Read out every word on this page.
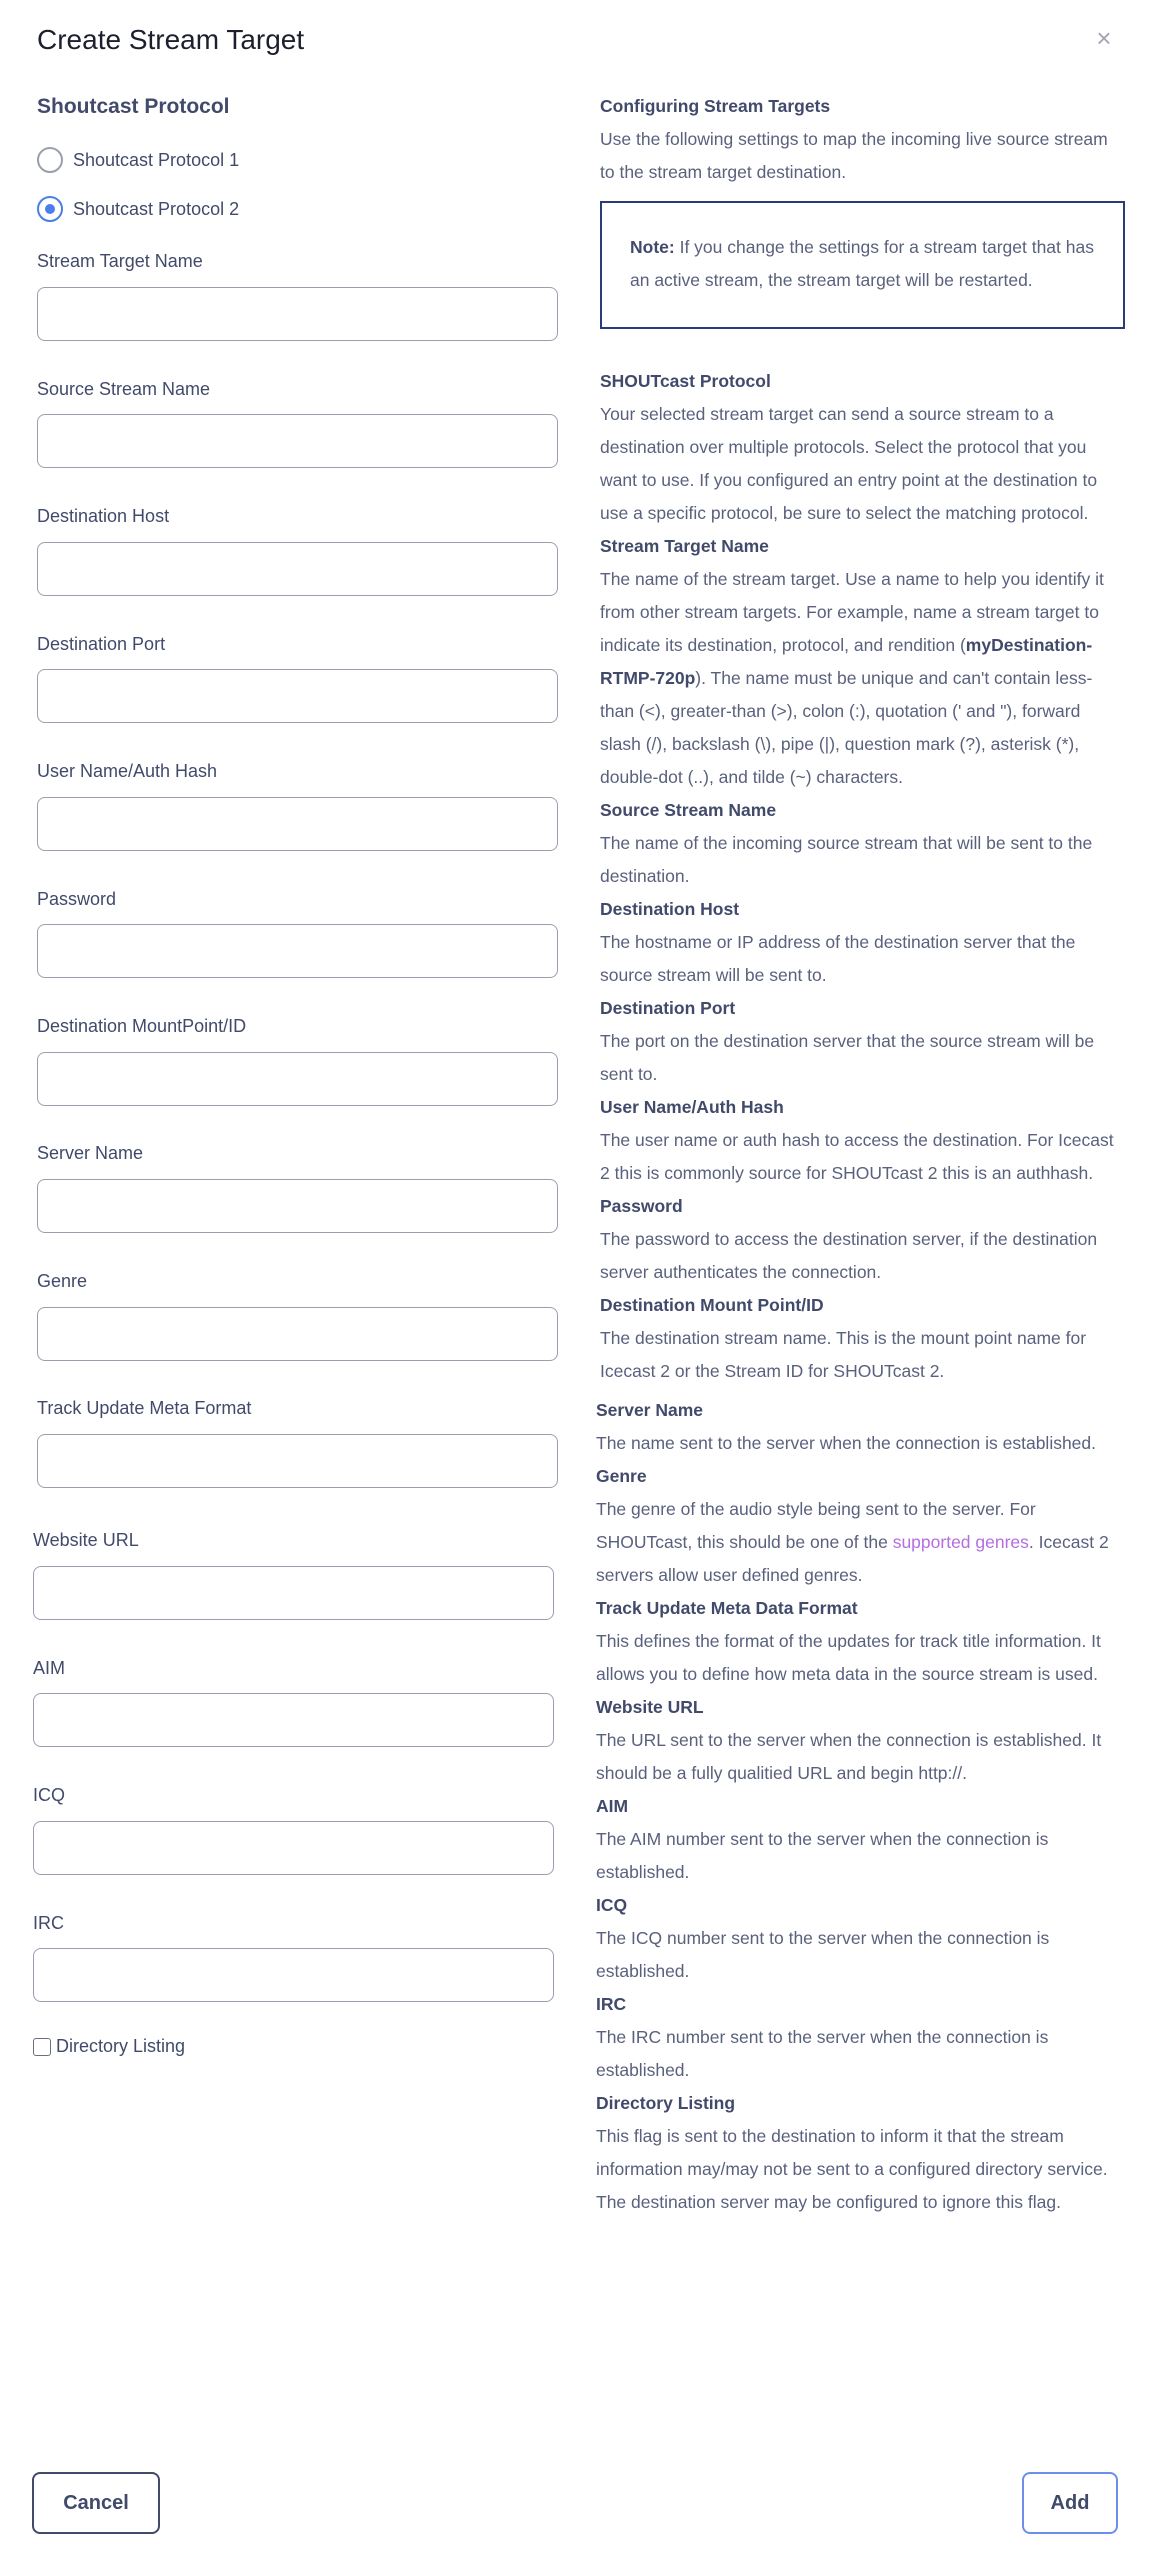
Create Stream Target	×
Shoutcast Protocol
Shoutcast Protocol 1
Shoutcast Protocol 2
Stream Target Name
Source Stream Name
Destination Host
Destination Port
User Name/Auth Hash
Password
Destination MountPoint/ID
Server Name
Genre
Track Update Meta Format
Website URL
AIM
ICQ
IRC
Directory Listing

Configuring Stream Targets

Use the following settings to map the incoming live source stream to the stream target destination.

Note: If you change the settings for a stream target that has an active stream, the stream target will be restarted.

SHOUTcast Protocol

Your selected stream target can send a source stream to a destination over multiple protocols. Select the protocol that you want to use. If you configured an entry point at the destination to use a specific protocol, be sure to select the matching protocol.

Stream Target Name

The name of the stream target. Use a name to help you identify it from other stream targets. For example, name a stream target to indicate its destination, protocol, and rendition (myDestination-RTMP-720p). The name must be unique and can't contain less-than (<), greater-than (>), colon (:), quotation (' and "), forward slash (/), backslash (\), pipe (|), question mark (?), asterisk (*), double-dot (..), and tilde (~) characters.

Source Stream Name

The name of the incoming source stream that will be sent to the destination.

Destination Host

The hostname or IP address of the destination server that the source stream will be sent to.

Destination Port

The port on the destination server that the source stream will be sent to.

User Name/Auth Hash

The user name or auth hash to access the destination. For Icecast 2 this is commonly source for SHOUTcast 2 this is an authhash.

Password

The password to access the destination server, if the destination server authenticates the connection.

Destination Mount Point/ID

The destination stream name. This is the mount point name for Icecast 2 or the Stream ID for SHOUTcast 2.

Server Name

The name sent to the server when the connection is established.

Genre

The genre of the audio style being sent to the server. For SHOUTcast, this should be one of the supported genres. Icecast 2 servers allow user defined genres.

Track Update Meta Data Format

This defines the format of the updates for track title information. It allows you to define how meta data in the source stream is used.

Website URL

The URL sent to the server when the connection is established. It should be a fully qualitied URL and begin http://.

AIM

The AIM number sent to the server when the connection is established.

ICQ

The ICQ number sent to the server when the connection is established.

IRC

The IRC number sent to the server when the connection is established.

Directory Listing

This flag is sent to the destination to inform it that the stream information may/may not be sent to a configured directory service. The destination server may be configured to ignore this flag.

Cancel	Add
